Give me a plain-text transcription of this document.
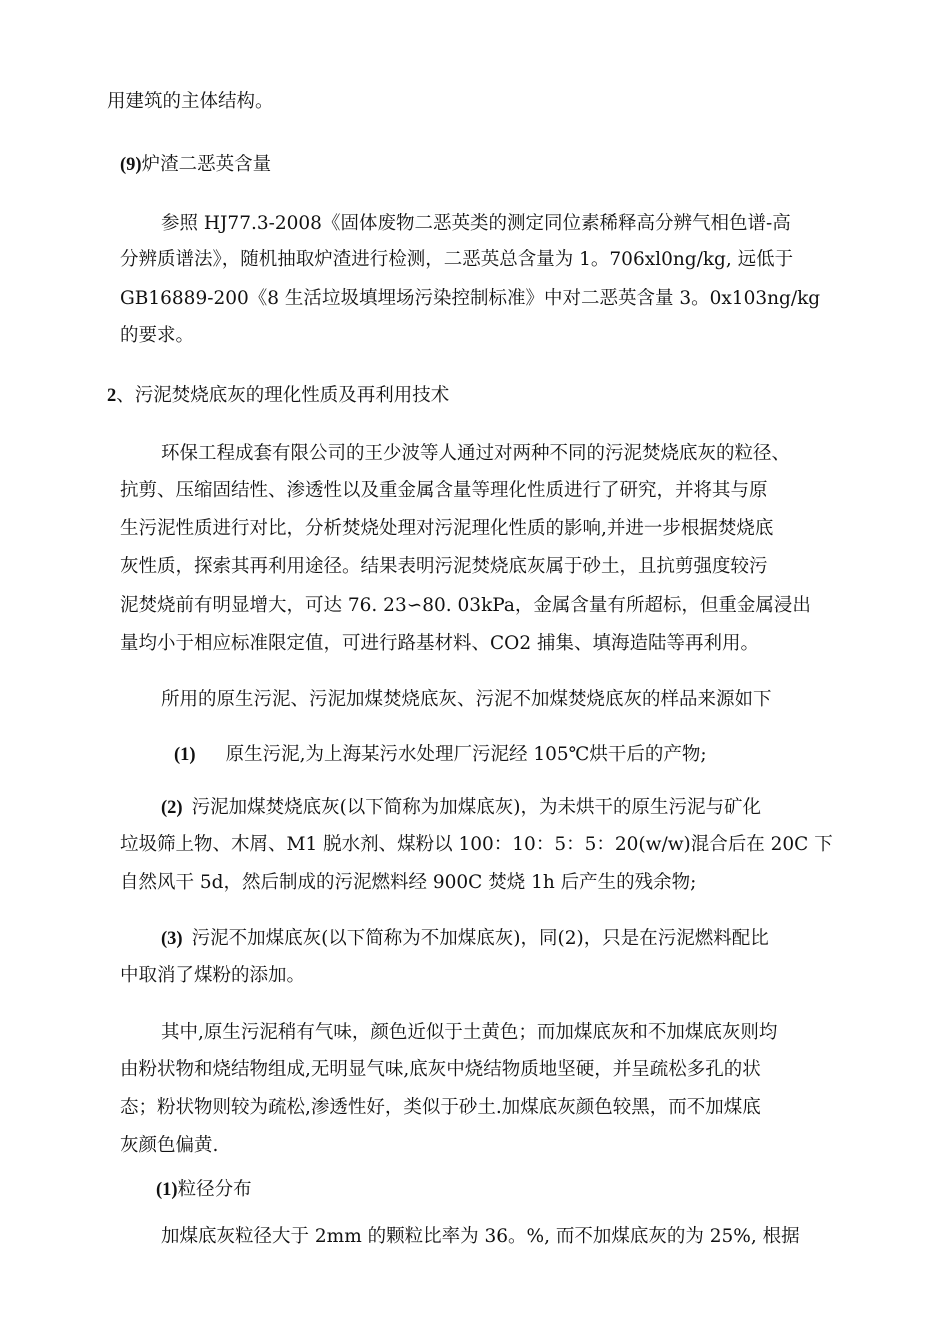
用建筑的主体结构。

(9)炉渣二恶英含量

参照 HJ77.3-2008《固体废物二恶英类的测定同位素稀释高分辨气相色谱-高

分辨质谱法》，随机抽取炉渣进行检测，二恶英总含量为 1。706xl0ng/kg, 远低于

GB16889-200《8 生活垃圾填埋场污染控制标准》中对二恶英含量 3。0x103ng/kg

的要求。

2、污泥焚烧底灰的理化性质及再利用技术

环保工程成套有限公司的王少波等人通过对两种不同的污泥焚烧底灰的粒径、

抗剪、压缩固结性、渗透性以及重金属含量等理化性质进行了研究，并将其与原

生污泥性质进行对比，分析焚烧处理对污泥理化性质的影响,并进一步根据焚烧底

灰性质，探索其再利用途径。结果表明污泥焚烧底灰属于砂土，且抗剪强度较污

泥焚烧前有明显增大，可达 76. 23∽80. 03kPa，金属含量有所超标，但重金属浸出

量均小于相应标准限定值，可进行路基材料、CO2 捕集、填海造陆等再利用。

所用的原生污泥、污泥加煤焚烧底灰、污泥不加煤焚烧底灰的样品来源如下

(1) 原生污泥,为上海某污水处理厂污泥经 105℃烘干后的产物;

(2) 污泥加煤焚烧底灰(以下简称为加煤底灰)，为未烘干的原生污泥与矿化

垃圾筛上物、木屑、M1 脱水剂、煤粉以 100：10：5：5：20(w/w)混合后在 20C 下

自然风干 5d，然后制成的污泥燃料经 900C 焚烧 1h 后产生的残余物;

(3) 污泥不加煤底灰(以下简称为不加煤底灰)，同(2)，只是在污泥燃料配比

中取消了煤粉的添加。

其中,原生污泥稍有气味，颜色近似于土黄色；而加煤底灰和不加煤底灰则均

由粉状物和烧结物组成,无明显气味,底灰中烧结物质地坚硬，并呈疏松多孔的状

态；粉状物则较为疏松,渗透性好，类似于砂土.加煤底灰颜色较黑，而不加煤底

灰颜色偏黄.

(1)粒径分布

加煤底灰粒径大于 2mm 的颗粒比率为 36。%, 而不加煤底灰的为 25%, 根据
